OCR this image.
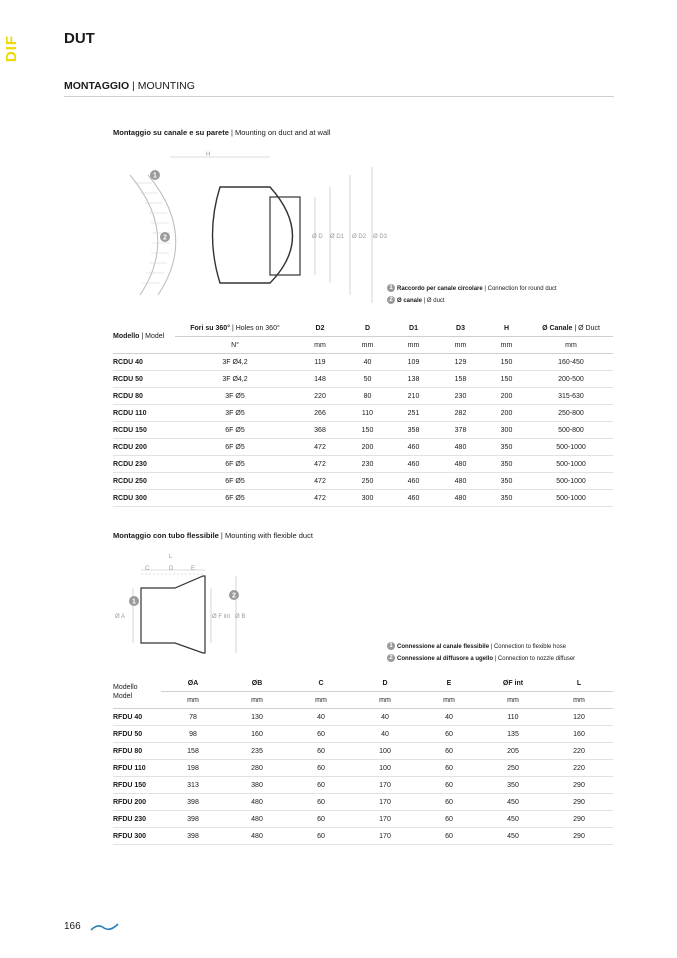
DIF	DUT
MONTAGGIO | MOUNTING
Montaggio su canale e su parete | Mounting on duct and at wall
H
Ø D Ø D1 Ø D2 Ø D3
1
2
1 Raccordo per canale circolare | Connection for round duct
2 Ø canale | Ø duct
Modello | Model	Fori su 360° | Holes on 360°	D2	D	D1	D3	H	Ø Canale | Ø Duct
	N°	mm	mm	mm	mm	mm	mm
RCDU 40	3F Ø4,2	119	40	109	129	150	160-450
RCDU 50	3F Ø4,2	148	50	138	158	150	200-500
RCDU 80	3F Ø5	220	80	210	230	200	315-630
RCDU 110	3F Ø5	266	110	251	282	200	250-800
RCDU 150	6F Ø5	368	150	358	378	300	500-800
RCDU 200	6F Ø5	472	200	460	480	350	500-1000
RCDU 230	6F Ø5	472	230	460	480	350	500-1000
RCDU 250	6F Ø5	472	250	460	480	350	500-1000
RCDU 300	6F Ø5	472	300	460	480	350	500-1000
Montaggio con tubo flessibile | Mounting with flexible duct
L
C	D	E
Ø A	Ø F int Ø B
1
2
1 Connessione al canale flessibile | Connection to flexible hose
2 Connessione al diffusore a ugello | Connection to nozzle diffuser
Modello
Model	ØA	ØB	C	D	E	ØF int	L
	mm	mm	mm	mm	mm	mm	mm
RFDU 40	78	130	40	40	40	110	120
RFDU 50	98	160	60	40	60	135	160
RFDU 80	158	235	60	100	60	205	220
RFDU 110	198	280	60	100	60	250	220
RFDU 150	313	380	60	170	60	350	290
RFDU 200	398	480	60	170	60	450	290
RFDU 230	398	480	60	170	60	450	290
RFDU 300	398	480	60	170	60	450	290
166
